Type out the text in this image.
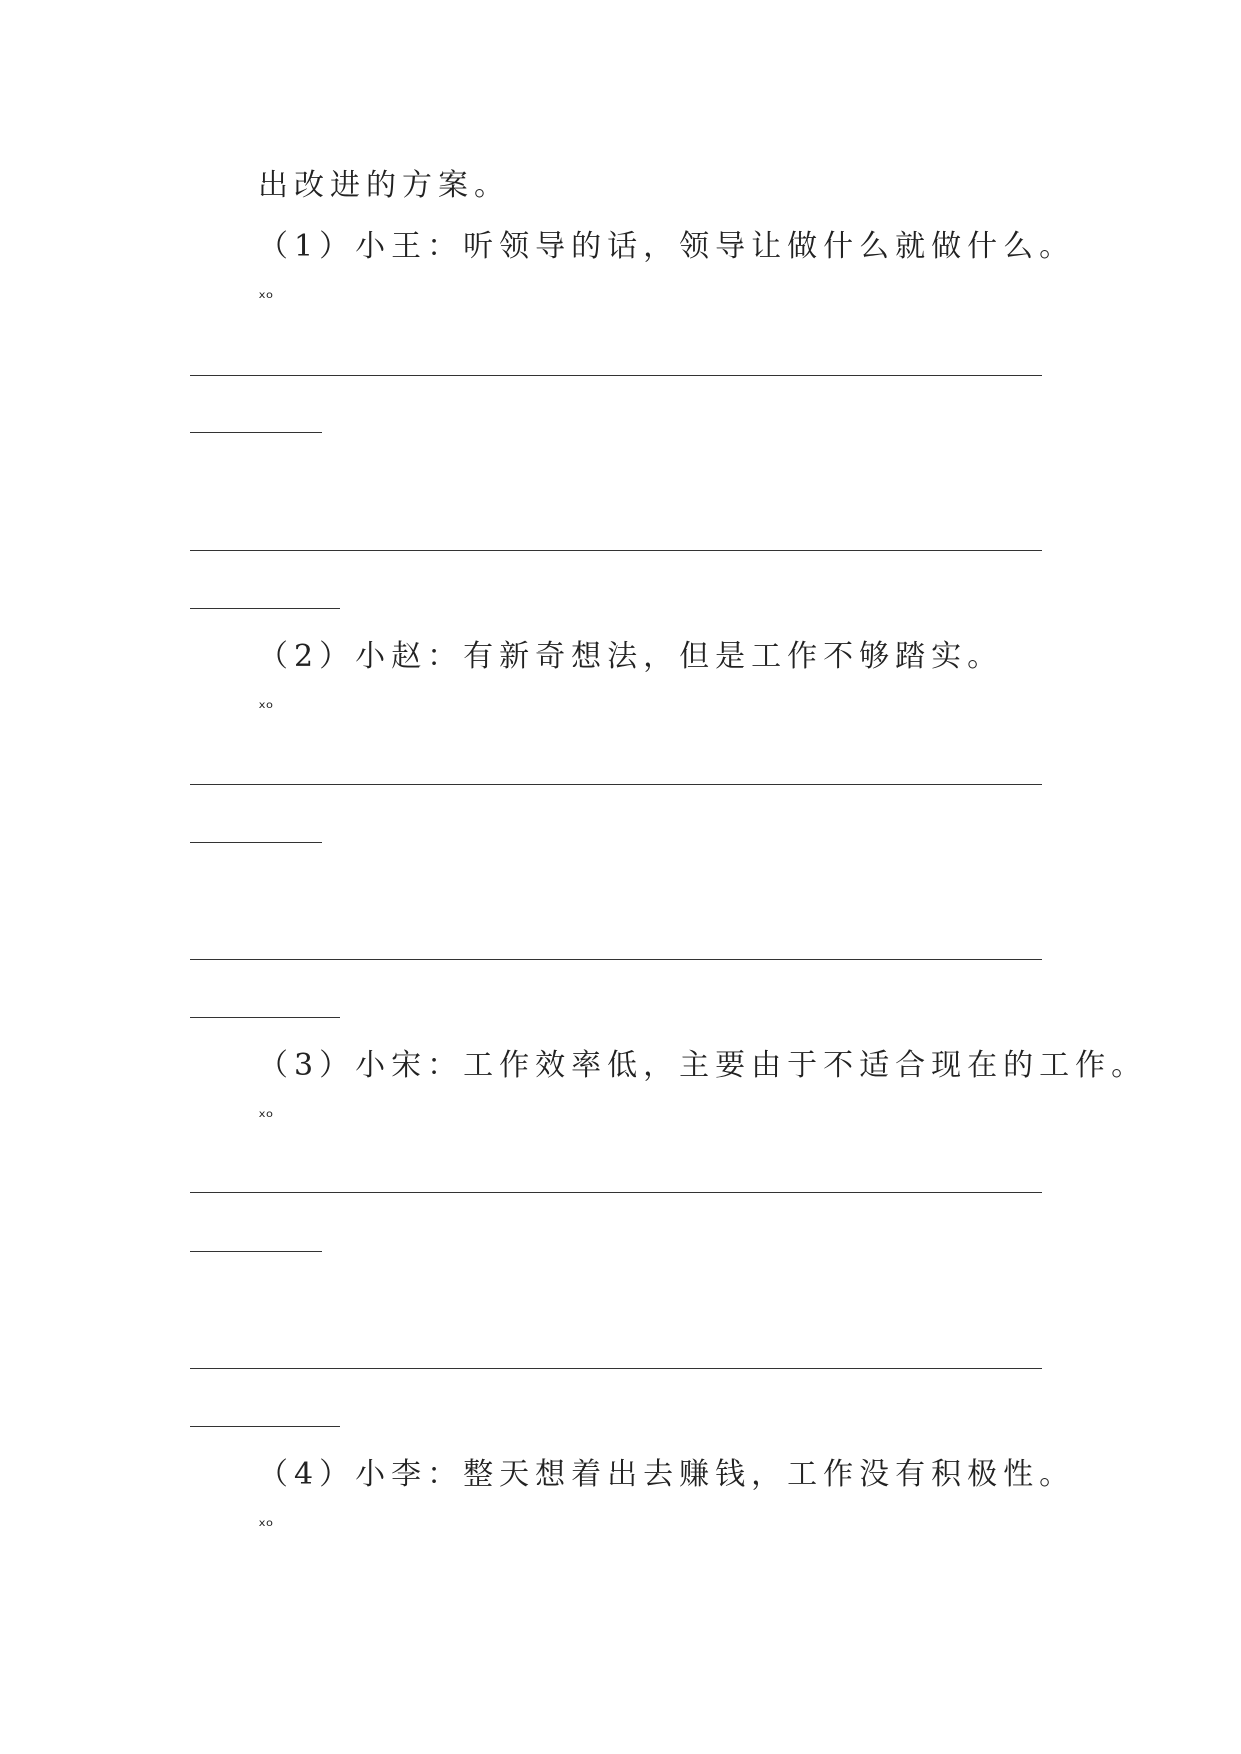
出改进的方案。
（1）小王：听领导的话，领导让做什么就做什么。
ₓₒ
（2）小赵：有新奇想法，但是工作不够踏实。
ₓₒ
（3）小宋：工作效率低，主要由于不适合现在的工作。
ₓₒ
（4）小李：整天想着出去赚钱，工作没有积极性。
ₓₒ
